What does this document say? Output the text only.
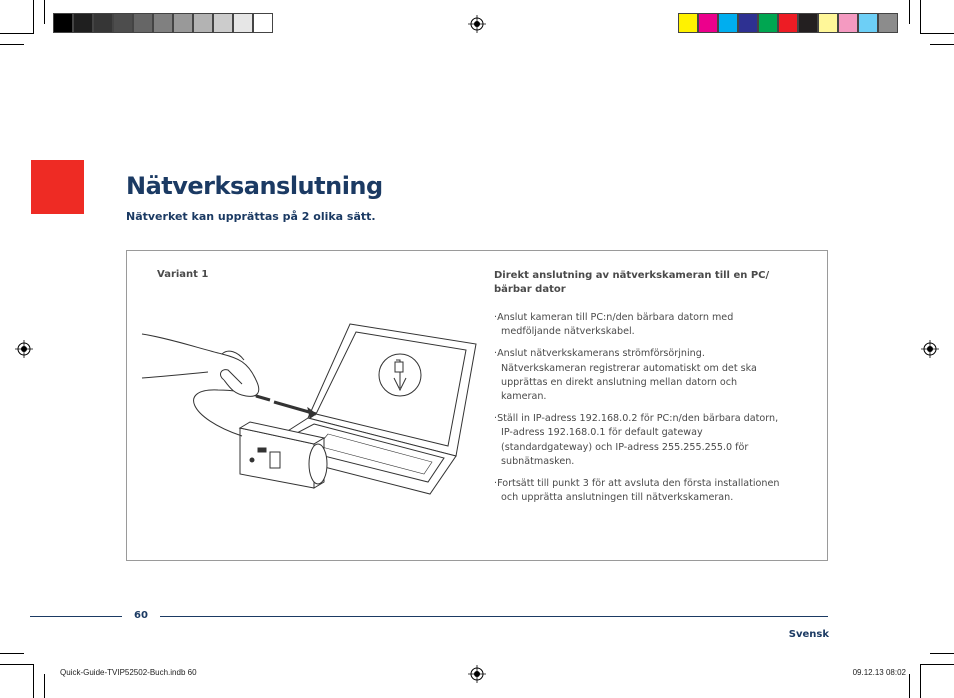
Nätverksanslutning
Nätverket kan upprättas på 2 olika sätt.
Variant 1	Direkt anslutning av nätverkskameran till en PC/
bärbar dator
· Anslut kameran till PC:n/den bärbara datorn med medföljande nätverkskabel.
· Anslut nätverkskamerans strömförsörjning. Nätverkskameran registrerar automatiskt om det ska upprättas en direkt anslutning mellan datorn och kameran.
· Ställ in IP-adress 192.168.0.2 för PC:n/den bärbara datorn, IP-adress 192.168.0.1 för default gateway (standardgateway) och IP-adress 255.255.255.0 för subnätmasken.
· Fortsätt till punkt 3 för att avsluta den första installationen och upprätta anslutningen till nätverkskameran.
60
Svensk
Quick-Guide-TVIP52502-Buch.indb 60	09.12.13 08:02
